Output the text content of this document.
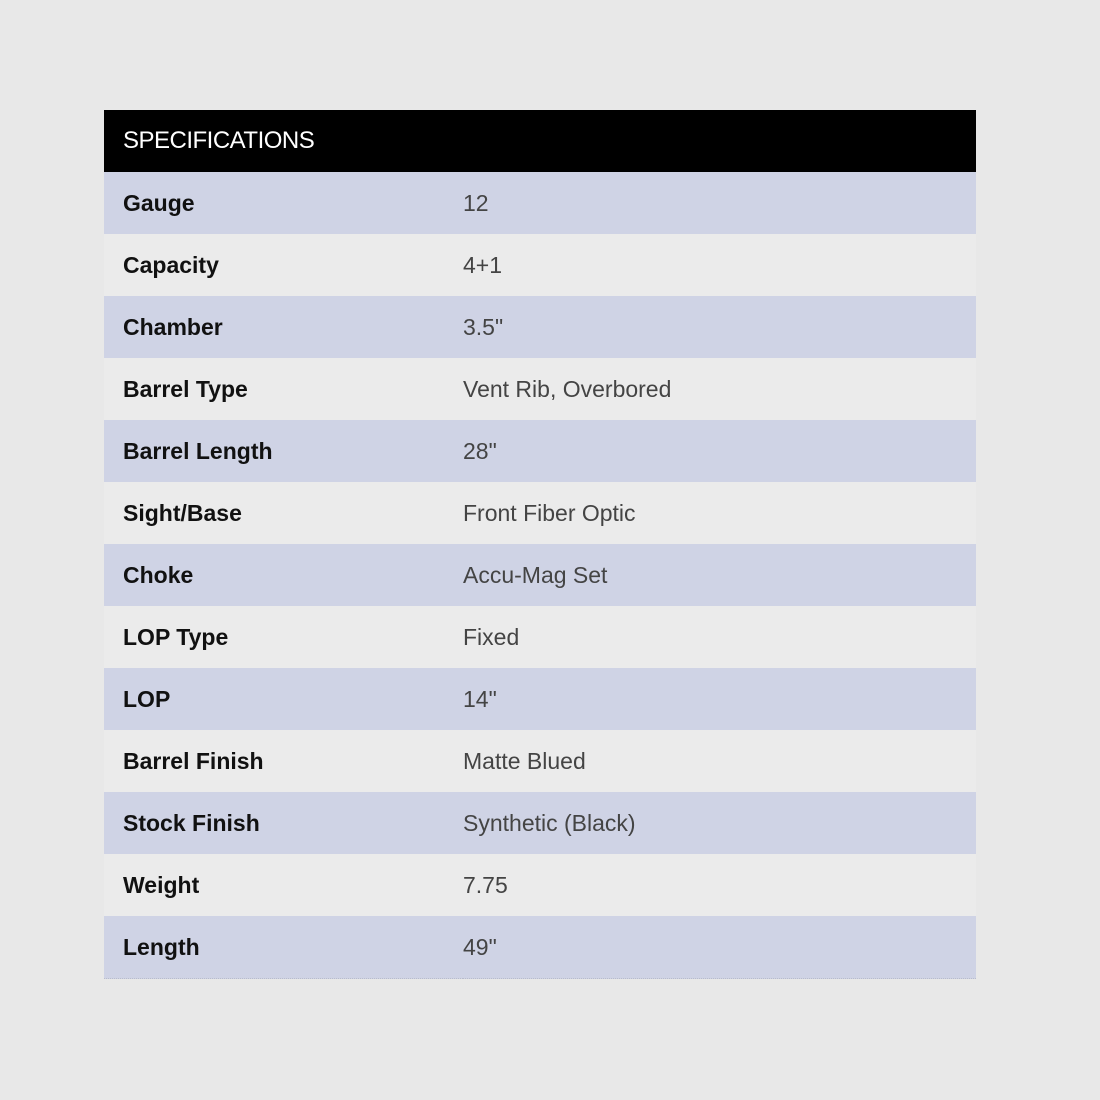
SPECIFICATIONS	
Gauge	12
Capacity	4+1
Chamber	3.5"
Barrel Type	Vent Rib, Overbored
Barrel Length	28"
Sight/Base	Front Fiber Optic
Choke	Accu-Mag Set
LOP Type	Fixed
LOP	14"
Barrel Finish	Matte Blued
Stock Finish	Synthetic (Black)
Weight	7.75
Length	49"
